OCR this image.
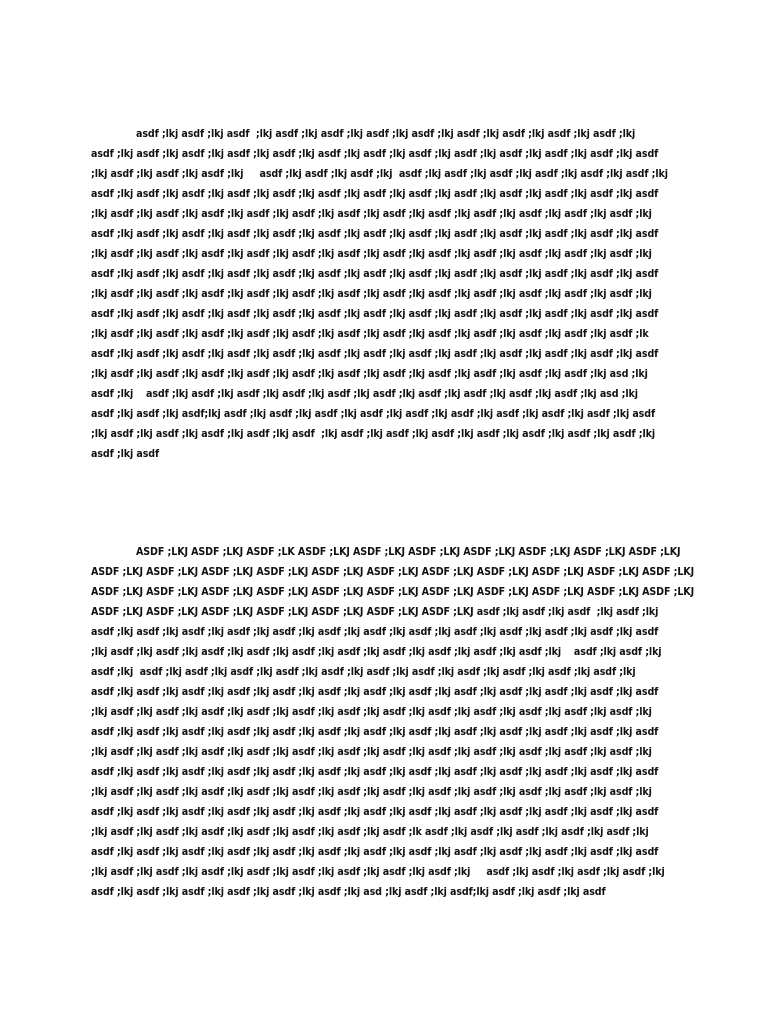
asdf ;lkj asdf ;lkj asdf  ;lkj asdf ;lkj asdf ;lkj asdf ;lkj asdf ;lkj asdf ;lkj asdf ;lkj asdf ;lkj asdf ;lkj
asdf ;lkj asdf ;lkj asdf ;lkj asdf ;lkj asdf ;lkj asdf ;lkj asdf ;lkj asdf ;lkj asdf ;lkj asdf ;lkj asdf ;lkj asdf ;lkj asdf
;lkj asdf ;lkj asdf ;lkj asdf ;lkj     asdf ;lkj asdf ;lkj asdf ;lkj  asdf ;lkj asdf ;lkj asdf ;lkj asdf ;lkj asdf ;lkj asdf ;lkj
asdf ;lkj asdf ;lkj asdf ;lkj asdf ;lkj asdf ;lkj asdf ;lkj asdf ;lkj asdf ;lkj asdf ;lkj asdf ;lkj asdf ;lkj asdf ;lkj asdf
;lkj asdf ;lkj asdf ;lkj asdf ;lkj asdf ;lkj asdf ;lkj asdf ;lkj asdf ;lkj asdf ;lkj asdf ;lkj asdf ;lkj asdf ;lkj asdf ;lkj
asdf ;lkj asdf ;lkj asdf ;lkj asdf ;lkj asdf ;lkj asdf ;lkj asdf ;lkj asdf ;lkj asdf ;lkj asdf ;lkj asdf ;lkj asdf ;lkj asdf
;lkj asdf ;lkj asdf ;lkj asdf ;lkj asdf ;lkj asdf ;lkj asdf ;lkj asdf ;lkj asdf ;lkj asdf ;lkj asdf ;lkj asdf ;lkj asdf ;lkj
asdf ;lkj asdf ;lkj asdf ;lkj asdf ;lkj asdf ;lkj asdf ;lkj asdf ;lkj asdf ;lkj asdf ;lkj asdf ;lkj asdf ;lkj asdf ;lkj asdf
;lkj asdf ;lkj asdf ;lkj asdf ;lkj asdf ;lkj asdf ;lkj asdf ;lkj asdf ;lkj asdf ;lkj asdf ;lkj asdf ;lkj asdf ;lkj asdf ;lkj
asdf ;lkj asdf ;lkj asdf ;lkj asdf ;lkj asdf ;lkj asdf ;lkj asdf ;lkj asdf ;lkj asdf ;lkj asdf ;lkj asdf ;lkj asdf ;lkj asdf
;lkj asdf ;lkj asdf ;lkj asdf ;lkj asdf ;lkj asdf ;lkj asdf ;lkj asdf ;lkj asdf ;lkj asdf ;lkj asdf ;lkj asdf ;lkj asdf ;lk
asdf ;lkj asdf ;lkj asdf ;lkj asdf ;lkj asdf ;lkj asdf ;lkj asdf ;lkj asdf ;lkj asdf ;lkj asdf ;lkj asdf ;lkj asdf ;lkj asdf
;lkj asdf ;lkj asdf ;lkj asdf ;lkj asdf ;lkj asdf ;lkj asdf ;lkj asdf ;lkj asdf ;lkj asdf ;lkj asdf ;lkj asdf ;lkj asd ;lkj
asdf ;lkj    asdf ;lkj asdf ;lkj asdf ;lkj asdf ;lkj asdf ;lkj asdf ;lkj asdf ;lkj asdf ;lkj asdf ;lkj asdf ;lkj asd ;lkj
asdf ;lkj asdf ;lkj asdf;lkj asdf ;lkj asdf ;lkj asdf ;lkj asdf ;lkj asdf ;lkj asdf ;lkj asdf ;lkj asdf ;lkj asdf ;lkj asdf
;lkj asdf ;lkj asdf ;lkj asdf ;lkj asdf ;lkj asdf  ;lkj asdf ;lkj asdf ;lkj asdf ;lkj asdf ;lkj asdf ;lkj asdf ;lkj asdf ;lkj
asdf ;lkj asdf
ASDF ;LKJ ASDF ;LKJ ASDF ;LK ASDF ;LKJ ASDF ;LKJ ASDF ;LKJ ASDF ;LKJ ASDF ;LKJ ASDF ;LKJ ASDF ;LKJ
ASDF ;LKJ ASDF ;LKJ ASDF ;LKJ ASDF ;LKJ ASDF ;LKJ ASDF ;LKJ ASDF ;LKJ ASDF ;LKJ ASDF ;LKJ ASDF ;LKJ ASDF ;LKJ
ASDF ;LKJ ASDF ;LKJ ASDF ;LKJ ASDF ;LKJ ASDF ;LKJ ASDF ;LKJ ASDF ;LKJ ASDF ;LKJ ASDF ;LKJ ASDF ;LKJ ASDF ;LKJ
ASDF ;LKJ ASDF ;LKJ ASDF ;LKJ ASDF ;LKJ ASDF ;LKJ ASDF ;LKJ ASDF ;LKJ asdf ;lkj asdf ;lkj asdf  ;lkj asdf ;lkj
asdf ;lkj asdf ;lkj asdf ;lkj asdf ;lkj asdf ;lkj asdf ;lkj asdf ;lkj asdf ;lkj asdf ;lkj asdf ;lkj asdf ;lkj asdf ;lkj asdf
;lkj asdf ;lkj asdf ;lkj asdf ;lkj asdf ;lkj asdf ;lkj asdf ;lkj asdf ;lkj asdf ;lkj asdf ;lkj asdf ;lkj    asdf ;lkj asdf ;lkj
asdf ;lkj  asdf ;lkj asdf ;lkj asdf ;lkj asdf ;lkj asdf ;lkj asdf ;lkj asdf ;lkj asdf ;lkj asdf ;lkj asdf ;lkj asdf ;lkj
asdf ;lkj asdf ;lkj asdf ;lkj asdf ;lkj asdf ;lkj asdf ;lkj asdf ;lkj asdf ;lkj asdf ;lkj asdf ;lkj asdf ;lkj asdf ;lkj asdf
;lkj asdf ;lkj asdf ;lkj asdf ;lkj asdf ;lkj asdf ;lkj asdf ;lkj asdf ;lkj asdf ;lkj asdf ;lkj asdf ;lkj asdf ;lkj asdf ;lkj
asdf ;lkj asdf ;lkj asdf ;lkj asdf ;lkj asdf ;lkj asdf ;lkj asdf ;lkj asdf ;lkj asdf ;lkj asdf ;lkj asdf ;lkj asdf ;lkj asdf
;lkj asdf ;lkj asdf ;lkj asdf ;lkj asdf ;lkj asdf ;lkj asdf ;lkj asdf ;lkj asdf ;lkj asdf ;lkj asdf ;lkj asdf ;lkj asdf ;lkj
asdf ;lkj asdf ;lkj asdf ;lkj asdf ;lkj asdf ;lkj asdf ;lkj asdf ;lkj asdf ;lkj asdf ;lkj asdf ;lkj asdf ;lkj asdf ;lkj asdf
;lkj asdf ;lkj asdf ;lkj asdf ;lkj asdf ;lkj asdf ;lkj asdf ;lkj asdf ;lkj asdf ;lkj asdf ;lkj asdf ;lkj asdf ;lkj asdf ;lkj
asdf ;lkj asdf ;lkj asdf ;lkj asdf ;lkj asdf ;lkj asdf ;lkj asdf ;lkj asdf ;lkj asdf ;lkj asdf ;lkj asdf ;lkj asdf ;lkj asdf
;lkj asdf ;lkj asdf ;lkj asdf ;lkj asdf ;lkj asdf ;lkj asdf ;lkj asdf ;lk asdf ;lkj asdf ;lkj asdf ;lkj asdf ;lkj asdf ;lkj
asdf ;lkj asdf ;lkj asdf ;lkj asdf ;lkj asdf ;lkj asdf ;lkj asdf ;lkj asdf ;lkj asdf ;lkj asdf ;lkj asdf ;lkj asdf ;lkj asdf
;lkj asdf ;lkj asdf ;lkj asdf ;lkj asdf ;lkj asdf ;lkj asdf ;lkj asdf ;lkj asdf ;lkj     asdf ;lkj asdf ;lkj asdf ;lkj asdf ;lkj
asdf ;lkj asdf ;lkj asdf ;lkj asdf ;lkj asdf ;lkj asdf ;lkj asd ;lkj asdf ;lkj asdf;lkj asdf ;lkj asdf ;lkj asdf
